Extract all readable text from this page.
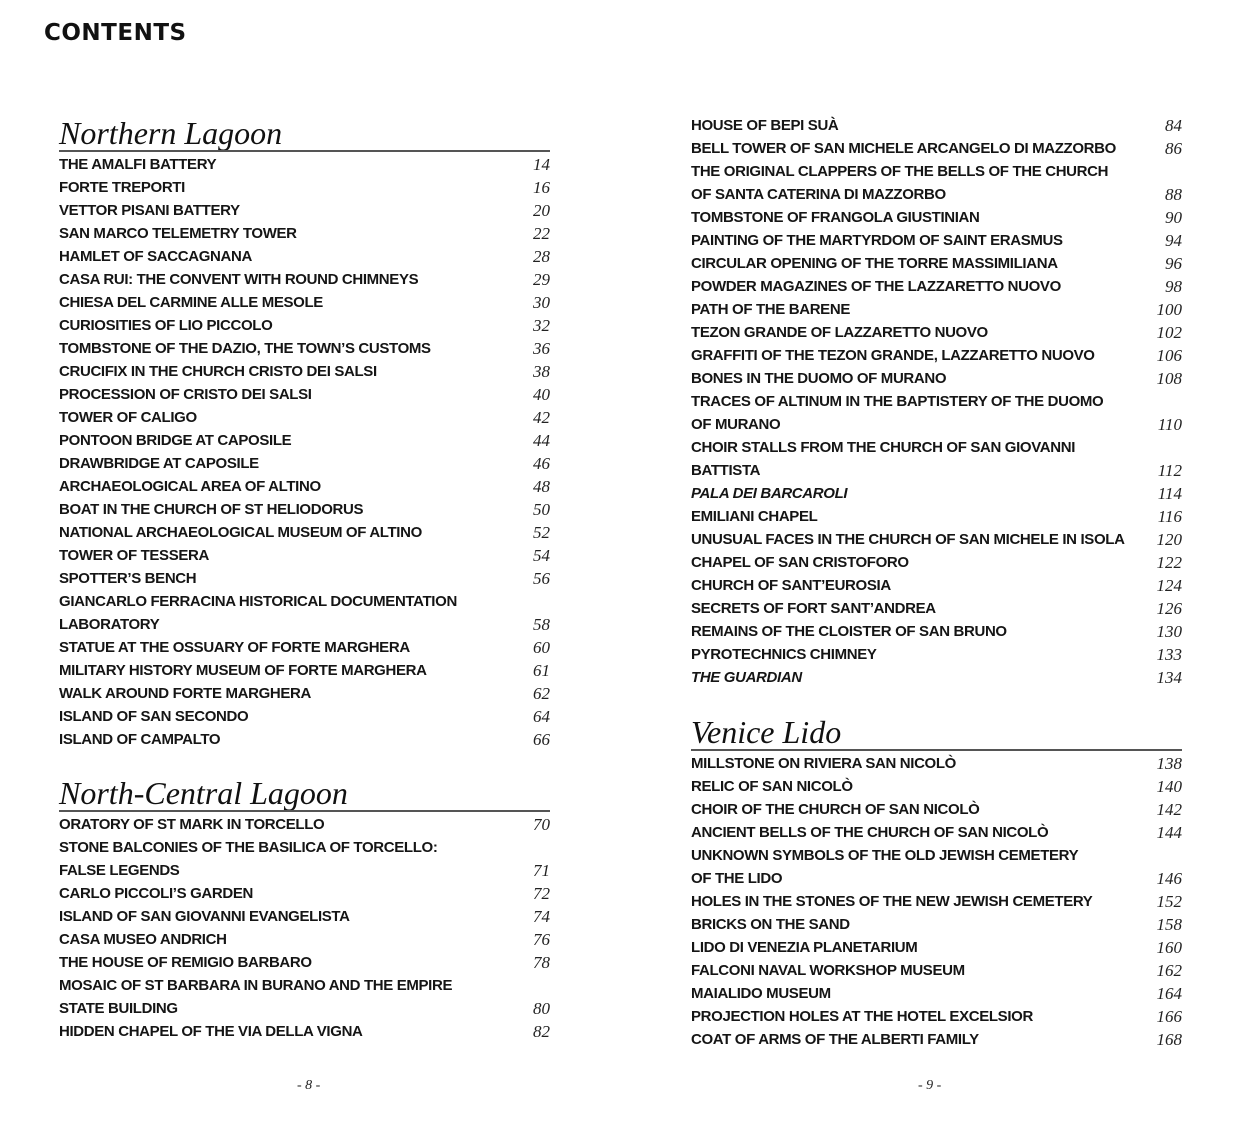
CONTENTS
Northern Lagoon
THE AMALFI BATTERY	14
FORTE TREPORTI	16
VETTOR PISANI BATTERY	20
SAN MARCO TELEMETRY TOWER	22
HAMLET OF SACCAGNANA	28
CASA RUI: THE CONVENT WITH ROUND CHIMNEYS	29
CHIESA DEL CARMINE ALLE MESOLE	30
CURIOSITIES OF LIO PICCOLO	32
TOMBSTONE OF THE DAZIO, THE TOWN’S CUSTOMS	36
CRUCIFIX IN THE CHURCH CRISTO DEI SALSI	38
PROCESSION OF CRISTO DEI SALSI	40
TOWER OF CALIGO	42
PONTOON BRIDGE AT CAPOSILE	44
DRAWBRIDGE AT CAPOSILE	46
ARCHAEOLOGICAL AREA OF ALTINO	48
BOAT IN THE CHURCH OF ST HELIODORUS	50
NATIONAL ARCHAEOLOGICAL MUSEUM OF ALTINO	52
TOWER OF TESSERA	54
SPOTTER’S BENCH	56
GIANCARLO FERRACINA HISTORICAL DOCUMENTATION
LABORATORY	58
STATUE AT THE OSSUARY OF FORTE MARGHERA	60
MILITARY HISTORY MUSEUM OF FORTE MARGHERA	61
WALK AROUND FORTE MARGHERA	62
ISLAND OF SAN SECONDO	64
ISLAND OF CAMPALTO	66
North-Central Lagoon
ORATORY OF ST MARK IN TORCELLO	70
STONE BALCONIES OF THE BASILICA OF TORCELLO:
FALSE LEGENDS	71
CARLO PICCOLI’S GARDEN	72
ISLAND OF SAN GIOVANNI EVANGELISTA	74
CASA MUSEO ANDRICH	76
THE HOUSE OF REMIGIO BARBARO	78
MOSAIC OF ST BARBARA IN BURANO AND THE EMPIRE
STATE BUILDING	80
HIDDEN CHAPEL OF THE VIA DELLA VIGNA	82
HOUSE OF BEPI SUÀ	84
BELL TOWER OF SAN MICHELE ARCANGELO DI MAZZORBO	86
THE ORIGINAL CLAPPERS OF THE BELLS OF THE CHURCH
OF SANTA CATERINA DI MAZZORBO	88
TOMBSTONE OF FRANGOLA GIUSTINIAN	90
PAINTING OF THE MARTYRDOM OF SAINT ERASMUS	94
CIRCULAR OPENING OF THE TORRE MASSIMILIANA	96
POWDER MAGAZINES OF THE LAZZARETTO NUOVO	98
PATH OF THE BARENE	100
TEZON GRANDE OF LAZZARETTO NUOVO	102
GRAFFITI OF THE TEZON GRANDE, LAZZARETTO NUOVO	106
BONES IN THE DUOMO OF MURANO	108
TRACES OF ALTINUM IN THE BAPTISTERY OF THE DUOMO
OF MURANO	110
CHOIR STALLS FROM THE CHURCH OF SAN GIOVANNI
BATTISTA	112
PALA DEI BARCAROLI	114
EMILIANI CHAPEL	116
UNUSUAL FACES IN THE CHURCH OF SAN MICHELE IN ISOLA 120
CHAPEL OF SAN CRISTOFORO	122
CHURCH OF SANT’EUROSIA	124
SECRETS OF FORT SANT’ANDREA	126
REMAINS OF THE CLOISTER OF SAN BRUNO	130
PYROTECHNICS CHIMNEY	133
THE GUARDIAN	134
Venice Lido
MILLSTONE ON RIVIERA SAN NICOLÒ	138
RELIC OF SAN NICOLÒ	140
CHOIR OF THE CHURCH OF SAN NICOLÒ	142
ANCIENT BELLS OF THE CHURCH OF SAN NICOLÒ	144
UNKNOWN SYMBOLS OF THE OLD JEWISH CEMETERY
OF THE LIDO	146
HOLES IN THE STONES OF THE NEW JEWISH CEMETERY	152
BRICKS ON THE SAND	158
LIDO DI VENEZIA PLANETARIUM	160
FALCONI NAVAL WORKSHOP MUSEUM	162
MAIALIDO MUSEUM	164
PROJECTION HOLES AT THE HOTEL EXCELSIOR	166
COAT OF ARMS OF THE ALBERTI FAMILY	168
- 8 -	- 9 -
